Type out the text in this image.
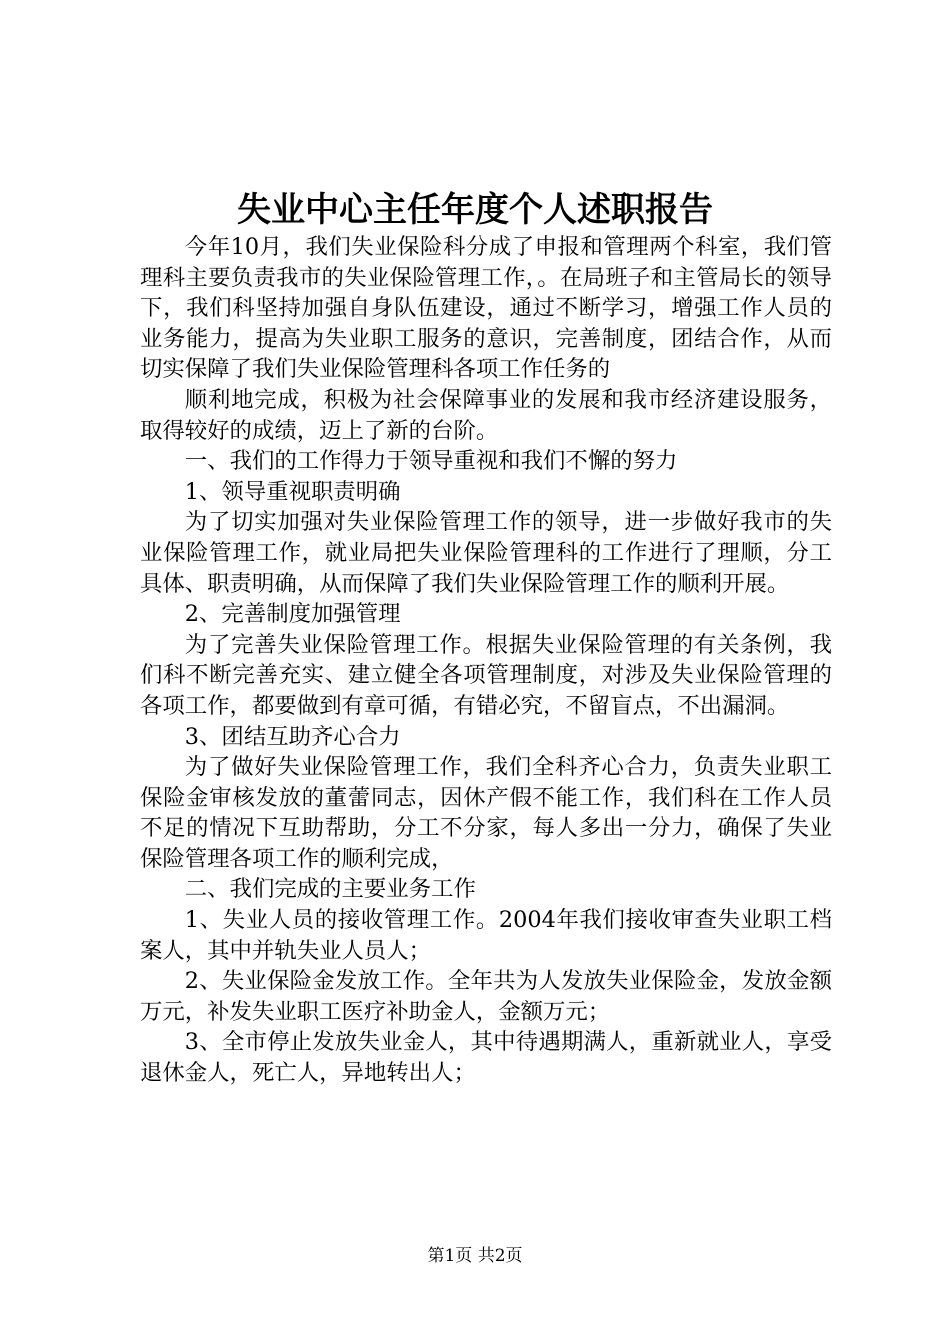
失业中心主任年度个人述职报告

今年10月，我们失业保险科分成了申报和管理两个科室，我们管理科主要负责我市的失业保险管理工作，。在局班子和主管局长的领导下，我们科坚持加强自身队伍建设，通过不断学习，增强工作人员的业务能力，提高为失业职工服务的意识，完善制度，团结合作，从而切实保障了我们失业保险管理科各项工作任务的

顺利地完成，积极为社会保障事业的发展和我市经济建设服务，取得较好的成绩，迈上了新的台阶。

一、我们的工作得力于领导重视和我们不懈的努力

1、领导重视职责明确

为了切实加强对失业保险管理工作的领导，进一步做好我市的失业保险管理工作，就业局把失业保险管理科的工作进行了理顺，分工具体、职责明确，从而保障了我们失业保险管理工作的顺利开展。

2、完善制度加强管理

为了完善失业保险管理工作。根据失业保险管理的有关条例，我们科不断完善充实、建立健全各项管理制度，对涉及失业保险管理的各项工作，都要做到有章可循，有错必究，不留盲点，不出漏洞。

3、团结互助齐心合力

为了做好失业保险管理工作，我们全科齐心合力，负责失业职工保险金审核发放的董蕾同志，因休产假不能工作，我们科在工作人员不足的情况下互助帮助，分工不分家，每人多出一分力，确保了失业保险管理各项工作的顺利完成，

二、我们完成的主要业务工作

1、失业人员的接收管理工作。2004年我们接收审查失业职工档案人，其中并轨失业人员人；

2、失业保险金发放工作。全年共为人发放失业保险金，发放金额万元，补发失业职工医疗补助金人，金额万元；

3、全市停止发放失业金人，其中待遇期满人，重新就业人，享受退休金人，死亡人，异地转出人；

第1页 共2页
